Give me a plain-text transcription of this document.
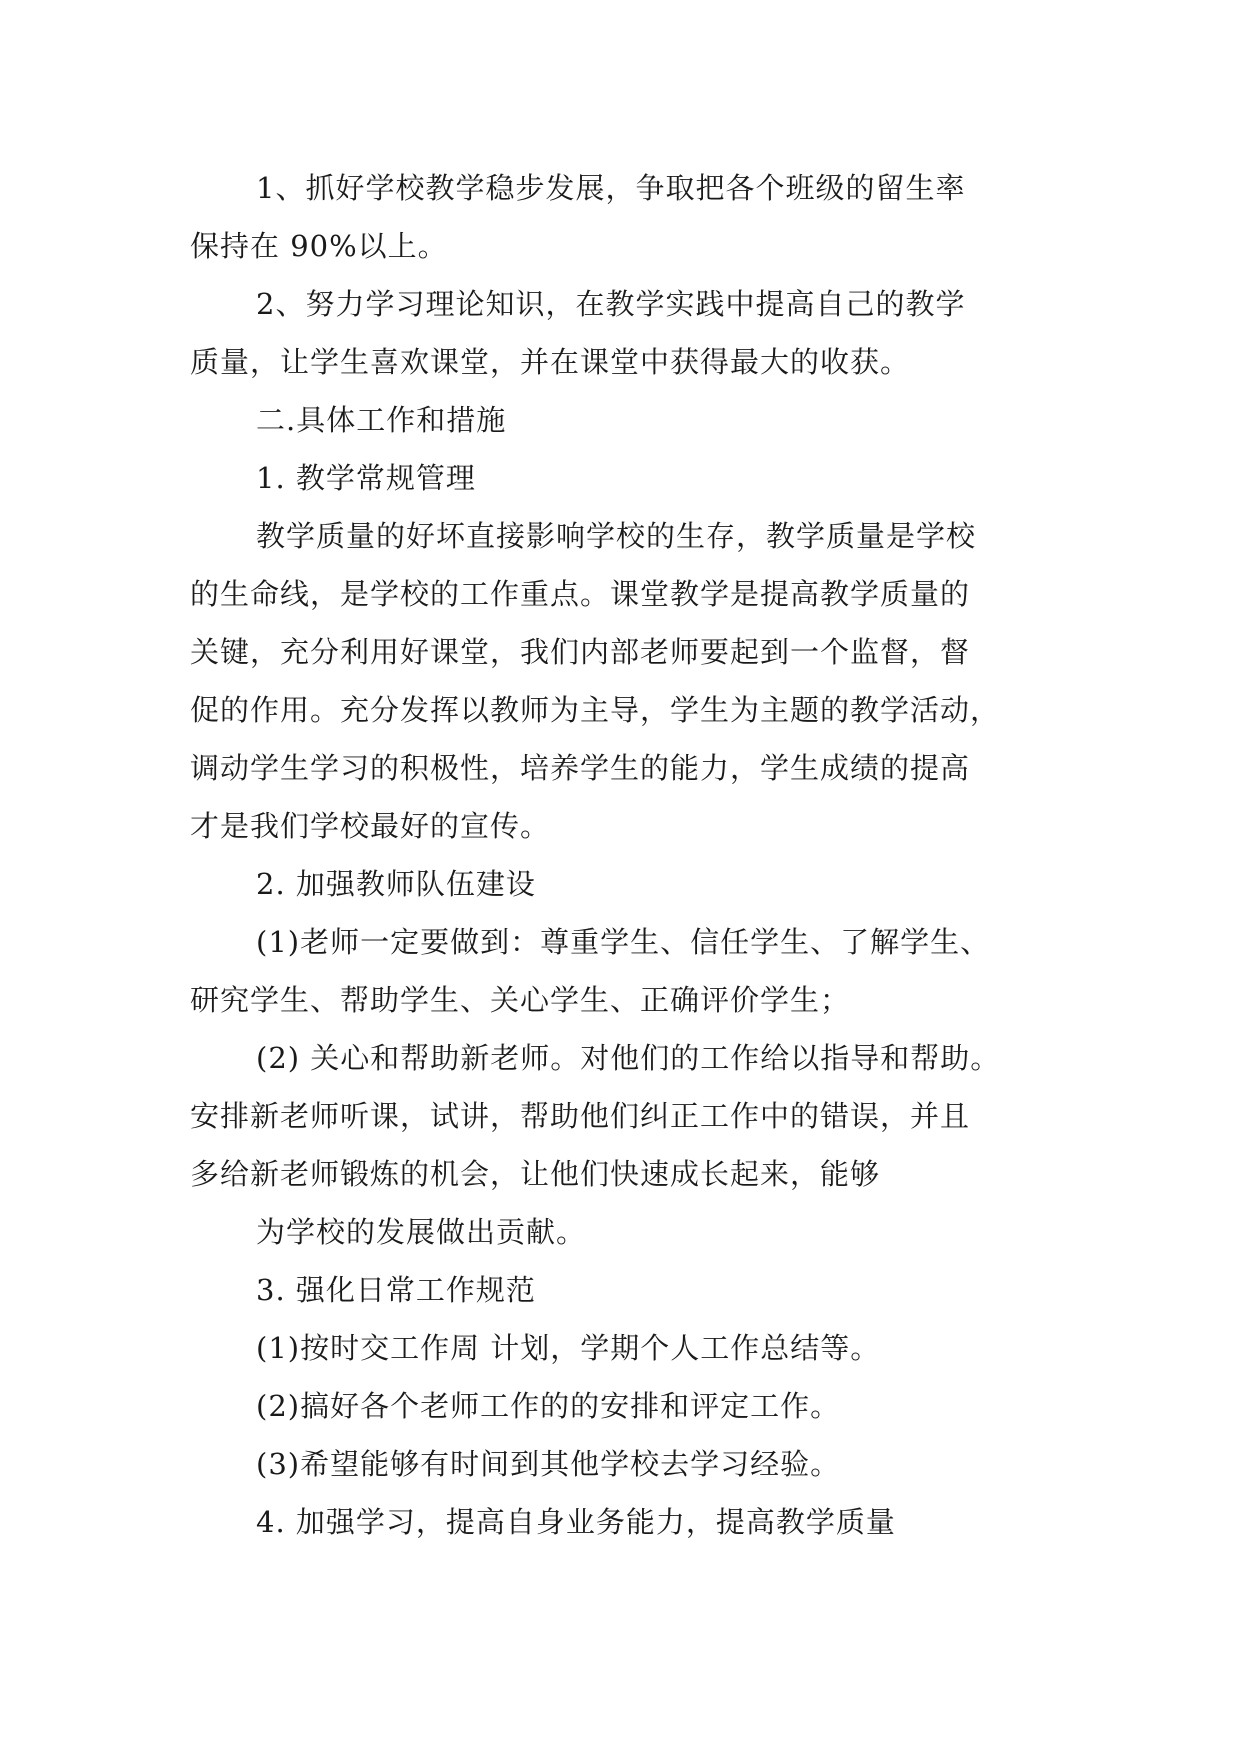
1、抓好学校教学稳步发展，争取把各个班级的留生率
保持在 90%以上。
2、努力学习理论知识，在教学实践中提高自己的教学
质量，让学生喜欢课堂，并在课堂中获得最大的收获。
二.具体工作和措施
1. 教学常规管理
教学质量的好坏直接影响学校的生存，教学质量是学校
的生命线，是学校的工作重点。课堂教学是提高教学质量的
关键，充分利用好课堂，我们内部老师要起到一个监督，督
促的作用。充分发挥以教师为主导，学生为主题的教学活动，
调动学生学习的积极性，培养学生的能力，学生成绩的提高
才是我们学校最好的宣传。
2. 加强教师队伍建设
(1)老师一定要做到：尊重学生、信任学生、了解学生、
研究学生、帮助学生、关心学生、正确评价学生；
(2) 关心和帮助新老师。对他们的工作给以指导和帮助。
安排新老师听课，试讲，帮助他们纠正工作中的错误，并且
多给新老师锻炼的机会，让他们快速成长起来，能够
为学校的发展做出贡献。
3. 强化日常工作规范
(1)按时交工作周 计划，学期个人工作总结等。
(2)搞好各个老师工作的的安排和评定工作。
(3)希望能够有时间到其他学校去学习经验。
4. 加强学习，提高自身业务能力，提高教学质量
